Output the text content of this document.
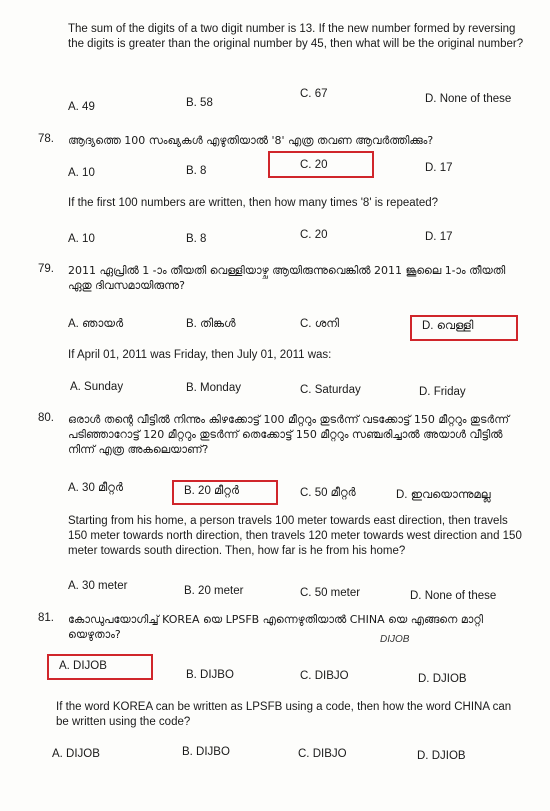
The sum of the digits of a two digit number is 13. If the new number formed by reversing the digits is greater than the original number by 45, then what will be the original number?
A. 49	B. 58
C. 67	D. None of these
78. ആദ്യത്തെ 100 സംഖ്യകൾ എഴുതിയാൽ '8' എത്ര തവണ ആവർത്തിക്കും?
A. 10	B. 8	C. 20	D. 17
If the first 100 numbers are written, then how many times '8' is repeated?
A. 10	B. 8	C. 20	D. 17
79. 2011 ഏപ്രിൽ 1 -ാം തീയതി വെള്ളിയാഴ്ച ആയിരുന്നുവെങ്കിൽ 2011 ജൂലൈ 1-ാം തീയതി ഏതു ദിവസമായിരുന്നു?
A. ഞായർ	B. തിങ്കൾ	C. ശനി	D. വെള്ളി
If April 01, 2011 was Friday, then July 01, 2011 was:
A. Sunday	B. Monday	C. Saturday	D. Friday
80. ഒരാൾ തന്റെ വീട്ടിൽ നിന്നും കിഴക്കോട്ട് 100 മീറ്ററും തുടർന്ന് വടക്കോട്ട് 150 മീറ്ററും തുടർന്ന് പടിഞ്ഞാറോട്ട് 120 മീറ്ററും തുടർന്ന് തെക്കോട്ട് 150 മീറ്ററും സഞ്ചരിച്ചാൽ അയാൾ വീട്ടിൽ നിന്ന് എത്ര അകലെയാണ്?
A. 30 മീറ്റർ	B. 20 മീറ്റർ	C. 50 മീറ്റർ	D. ഇവയൊന്നുമല്ല
Starting from his home, a person travels 100 meter towards east direction, then travels 150 meter towards north direction, then travels 120 meter towards west direction and 150 meter towards south direction. Then, how far is he from his home?
A. 30 meter	B. 20 meter	C. 50 meter	D. None of these
81. കോഡുപയോഗിച്ച് KOREA യെ LPSFB എന്നെഴുതിയാൽ CHINA യെ എങ്ങനെ മാറ്റി യെഴുതാം?	DIJOB
A. DIJOB
B. DIJBO	C. DIBJO	D. DJIOB
If the word KOREA can be written as LPSFB using a code, then how the word CHINA can be written using the code?
A. DIJOB	B. DIJBO	C. DIBJO	D. DJIOB
